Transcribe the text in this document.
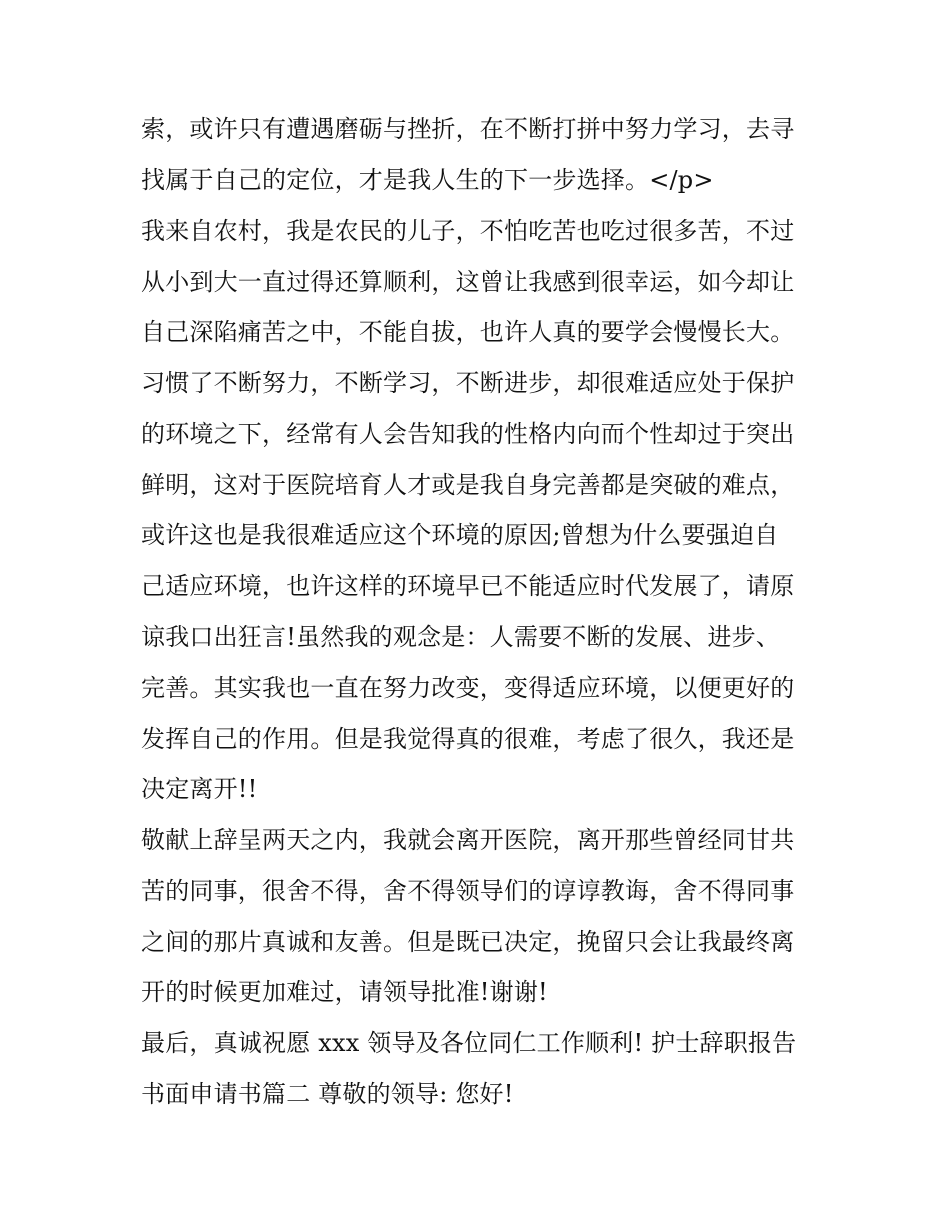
索，或许只有遭遇磨砺与挫折，在不断打拼中努力学习，去寻
找属于自己的定位，才是我人生的下一步选择。</p>
我来自农村，我是农民的儿子，不怕吃苦也吃过很多苦，不过
从小到大一直过得还算顺利，这曾让我感到很幸运，如今却让
自己深陷痛苦之中，不能自拔，也许人真的要学会慢慢长大。
习惯了不断努力，不断学习，不断进步，却很难适应处于保护
的环境之下，经常有人会告知我的性格内向而个性却过于突出
鲜明，这对于医院培育人才或是我自身完善都是突破的难点，
或许这也是我很难适应这个环境的原因;曾想为什么要强迫自
己适应环境，也许这样的环境早已不能适应时代发展了，请原
谅我口出狂言!虽然我的观念是：人需要不断的发展、进步、
完善。其实我也一直在努力改变，变得适应环境，以便更好的
发挥自己的作用。但是我觉得真的很难，考虑了很久，我还是
决定离开!!
敬献上辞呈两天之内，我就会离开医院，离开那些曾经同甘共
苦的同事，很舍不得，舍不得领导们的谆谆教诲，舍不得同事
之间的那片真诚和友善。但是既已决定，挽留只会让我最终离
开的时候更加难过，请领导批准!谢谢!
最后，真诚祝愿 xxx 领导及各位同仁工作顺利! 护士辞职报告
书面申请书篇二 尊敬的领导: 您好!
